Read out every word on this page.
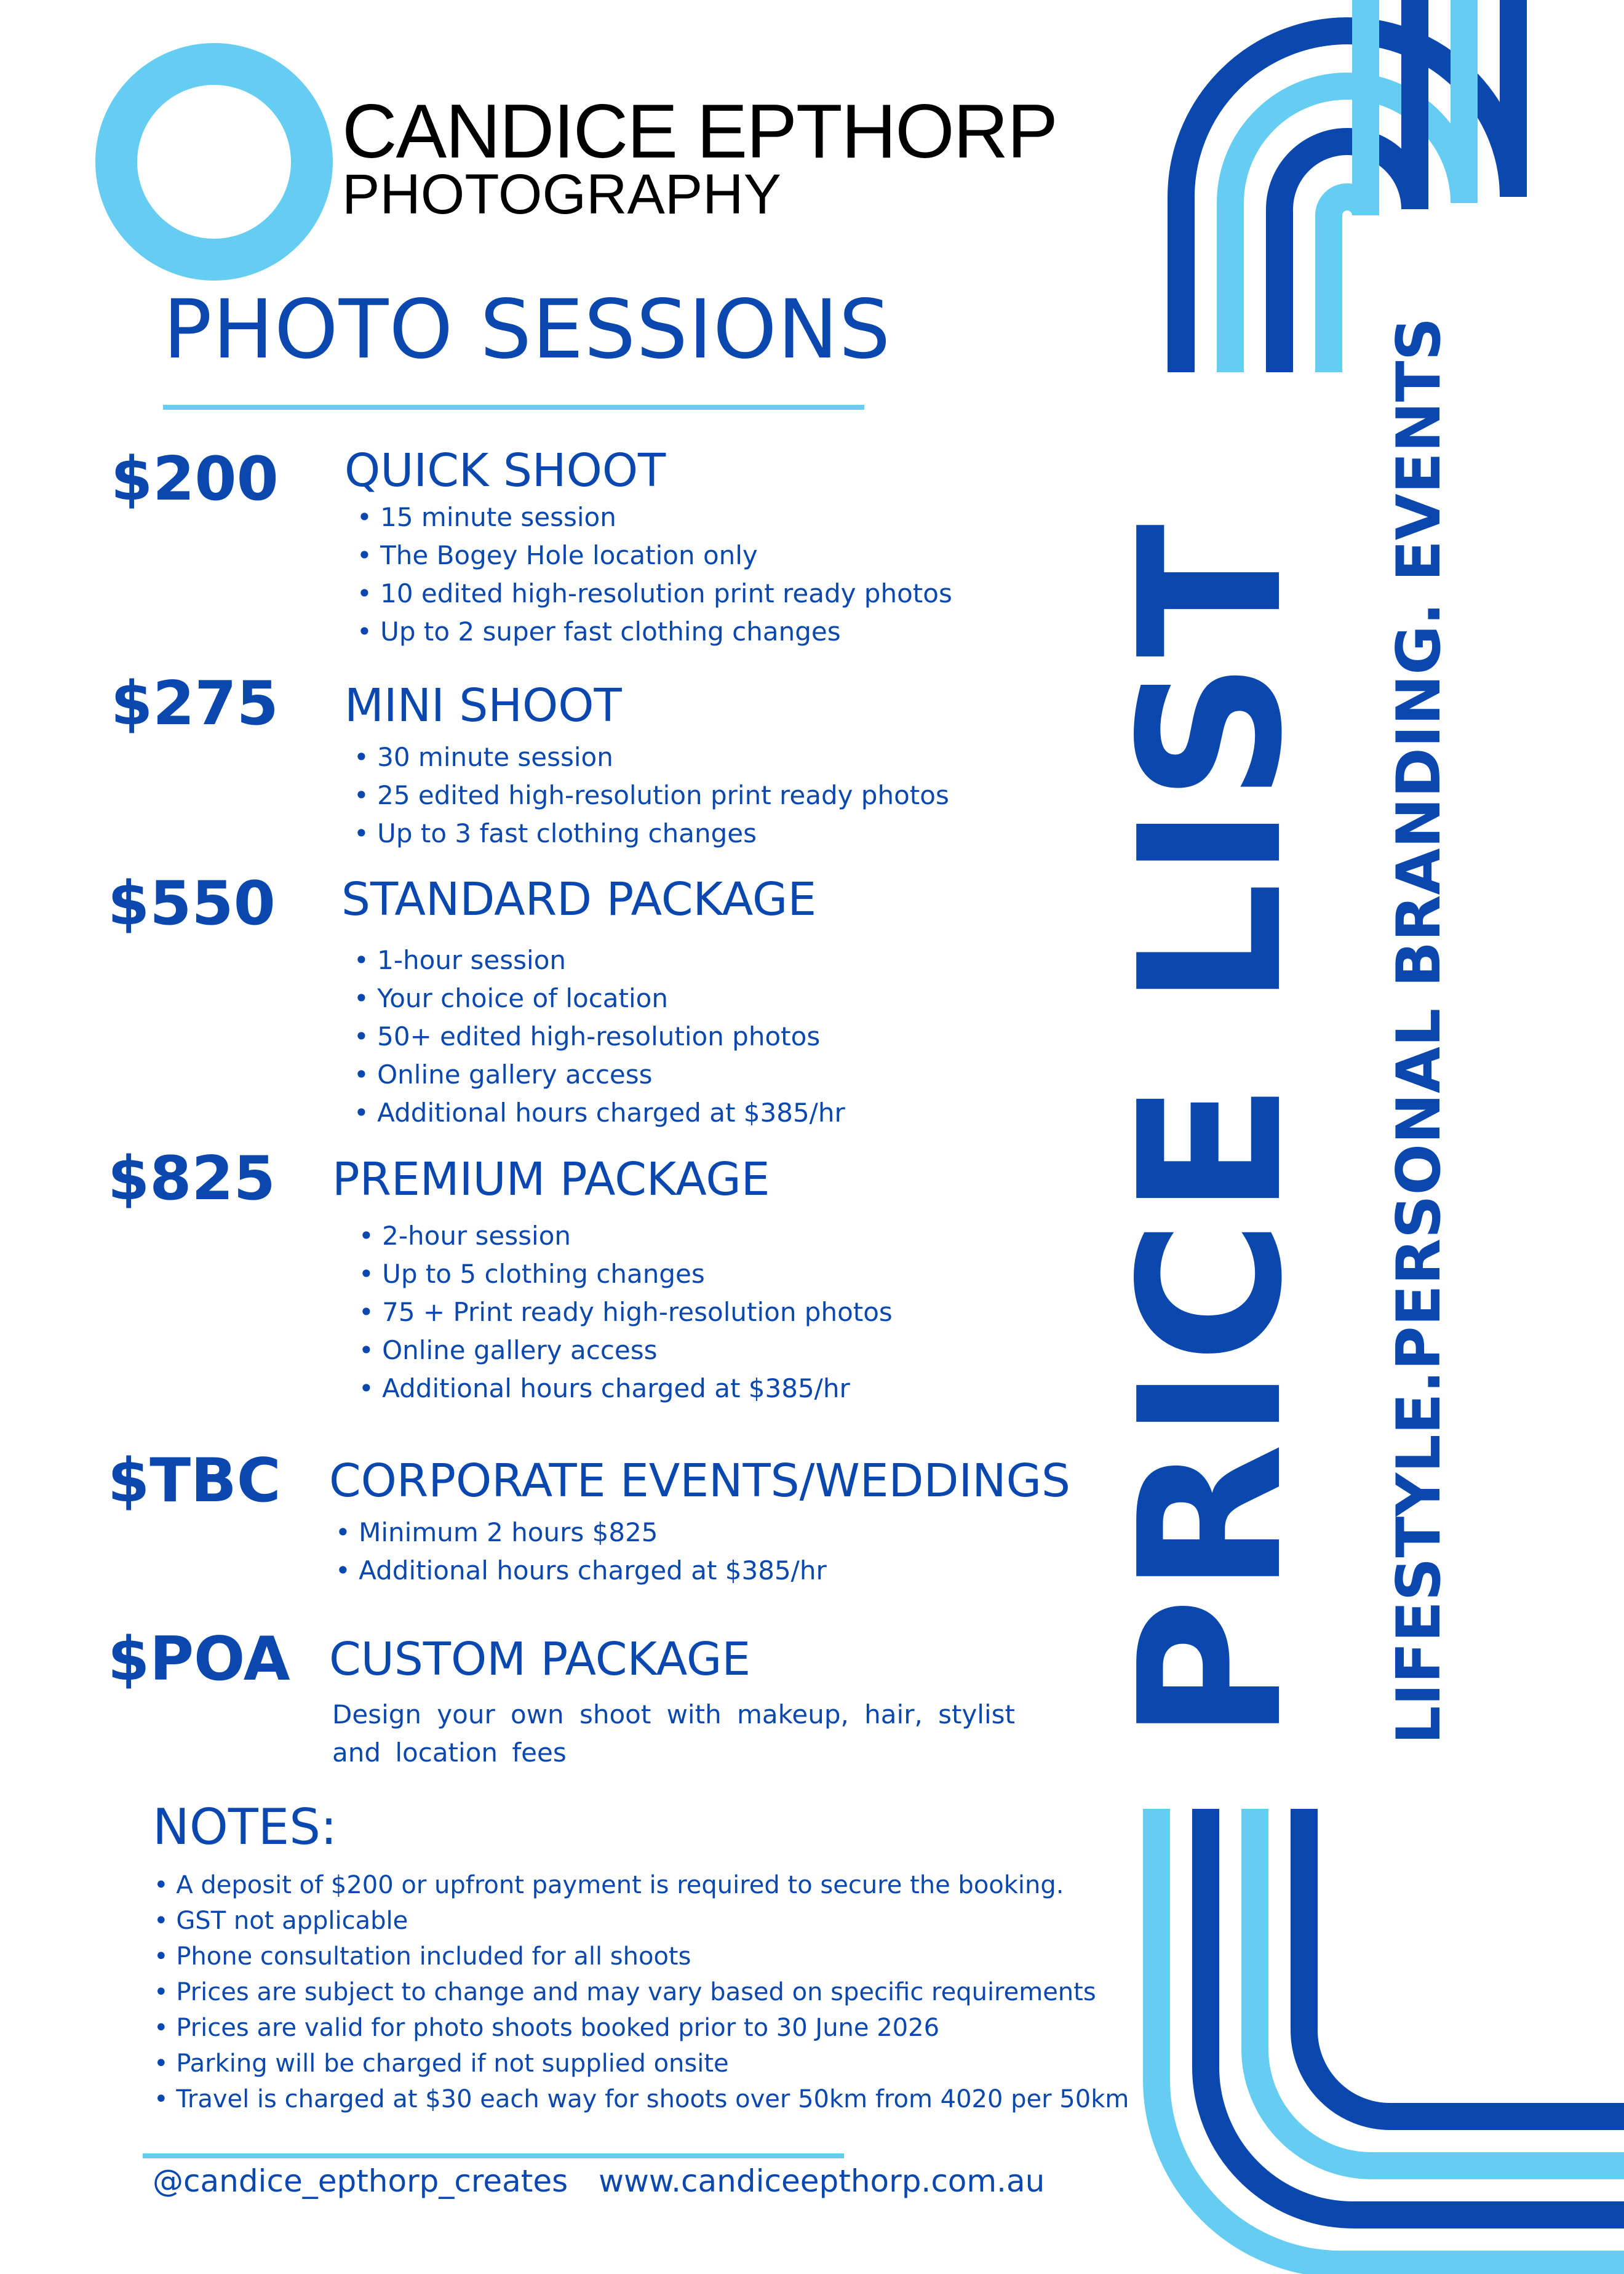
CANDICE EPTHORP
PHOTOGRAPHY
PHOTO SESSIONS
$200 QUICK SHOOT
• 15 minute session
• The Bogey Hole location only
• 10 edited high-resolution print ready photos
• Up to 2 super fast clothing changes
$275 MINI SHOOT
• 30 minute session
• 25 edited high-resolution print ready photos
• Up to 3 fast clothing changes
$550 STANDARD PACKAGE
• 1-hour session
• Your choice of location
• 50+ edited high-resolution photos
• Online gallery access
• Additional hours charged at $385/hr
$825 PREMIUM PACKAGE
• 2-hour session
• Up to 5 clothing changes
• 75 + Print ready high-resolution photos
• Online gallery access
• Additional hours charged at $385/hr
$TBC CORPORATE EVENTS/WEDDINGS
• Minimum 2 hours $825
• Additional hours charged at $385/hr
$POA CUSTOM PACKAGE
Design your own shoot with makeup, hair, stylist and location fees
NOTES:
• A deposit of $200 or upfront payment is required to secure the booking.
• GST not applicable
• Phone consultation included for all shoots
• Prices are subject to change and may vary based on specific requirements
• Prices are valid for photo shoots booked prior to 30 June 2026
• Parking will be charged if not supplied onsite
• Travel is charged at $30 each way for shoots over 50km from 4020 per 50km
@candice_epthorp_creates www.candiceepthorp.com.au
PRICE LIST LIFESTYLE.PERSONAL BRANDING. EVENTS
